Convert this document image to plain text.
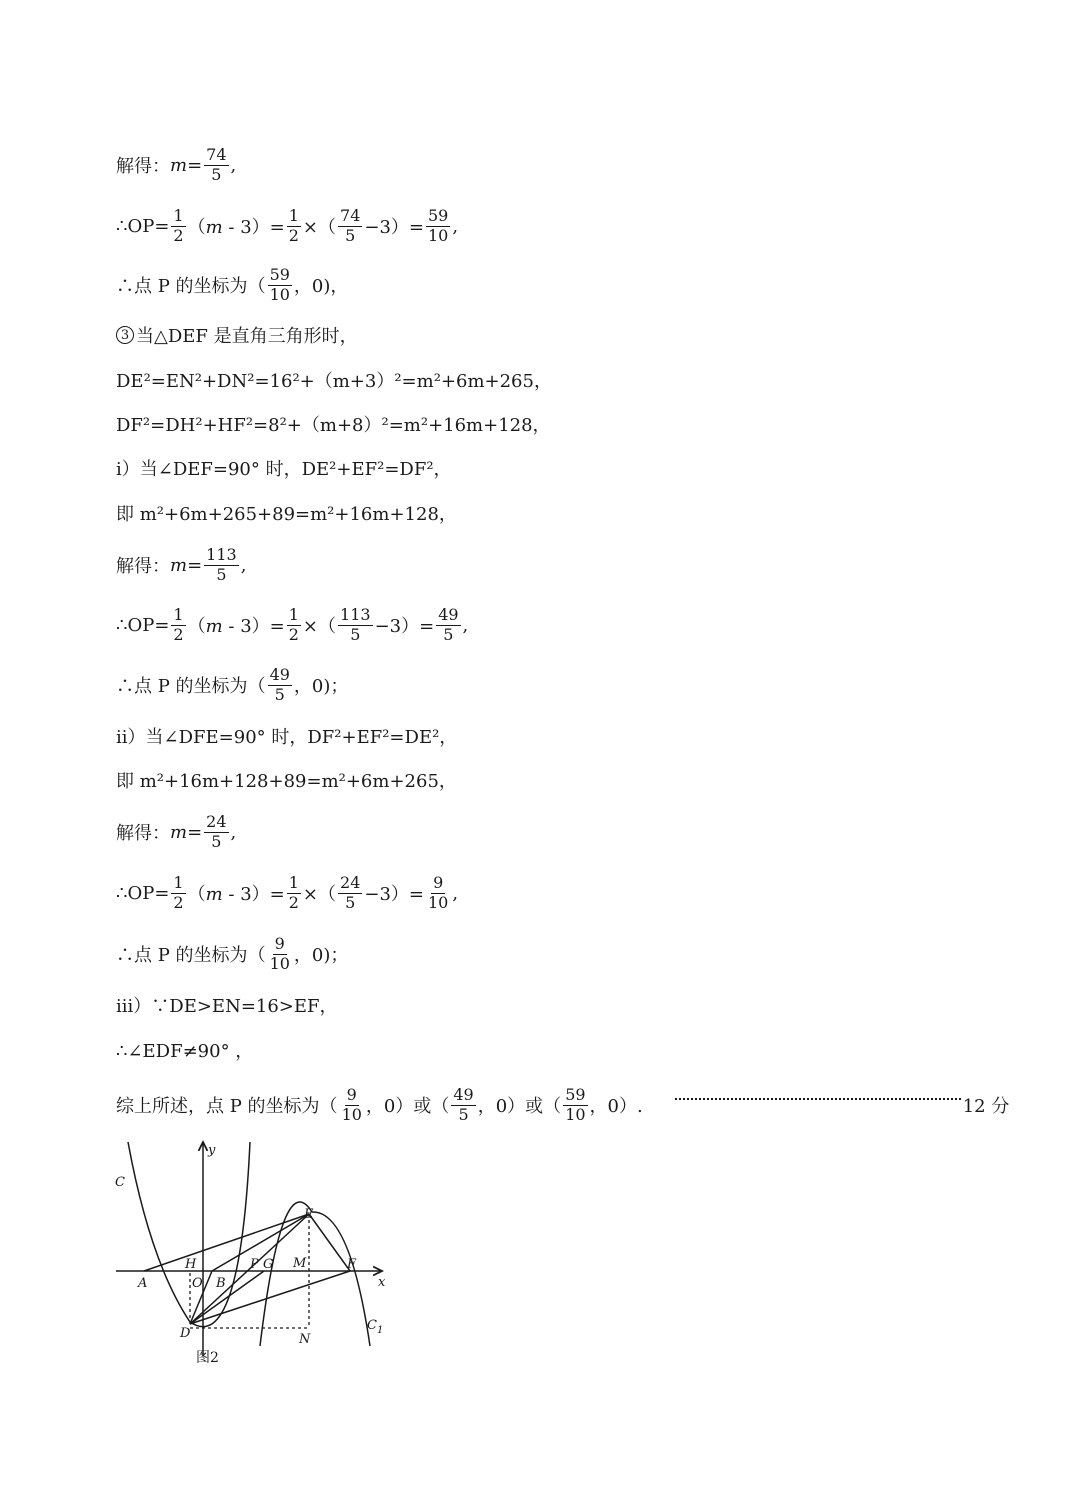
解得： $m= \frac{74}{5}$ ,
∴OP= $\frac{1}{2} (m - 3)= \frac{1}{2}$ ×（ $\frac{74}{5} -3)= \frac{59}{10}$ ,
∴点 P 的坐标为 （ $\frac{59}{10}$ ，0)，
3 当△DEF 是直角三角形时，
DE²=EN²+DN²=16²+（m+3）²=m²+6m+265，
DF²=DH²+HF²=8²+（m+8）²=m²+16m+128，
i）当∠DEF=90° 时，DE²+EF²=DF²，
即 m²+6m+265+89=m²+16m+128，
解得： $m= \frac{113}{5}$ ,
∴OP= $\frac{1}{2} (m - 3)= \frac{1}{2}$ ×（ $\frac{113}{5} -3)= \frac{49}{5}$ ,
∴点 P 的坐标为 （ $\frac{49}{5}$ ，0)；
ii）当∠DFE=90° 时，DF²+EF²=DE²，
即 m²+16m+128+89=m²+6m+265，
解得： $m= \frac{24}{5}$ ,
∴OP= $\frac{1}{2} (m - 3)= \frac{1}{2}$ ×（ $\frac{24}{5} -3)= \frac{9}{10}$ ,
∴点 P 的坐标为 （ $\frac{9}{10}$ ，0)；
iii）∵DE>EN=16>EF，
∴∠EDF≠90° ，
综上所述，点 P 的坐标为（ $\frac{9}{10}$ ，0）或（ $\frac{49}{5}$ ，0）或（ $\frac{59}{10}$ ，0）.	12 分
y
x
C
$C_1$
E
A
H
O B
P G M	F
D	N
图2
